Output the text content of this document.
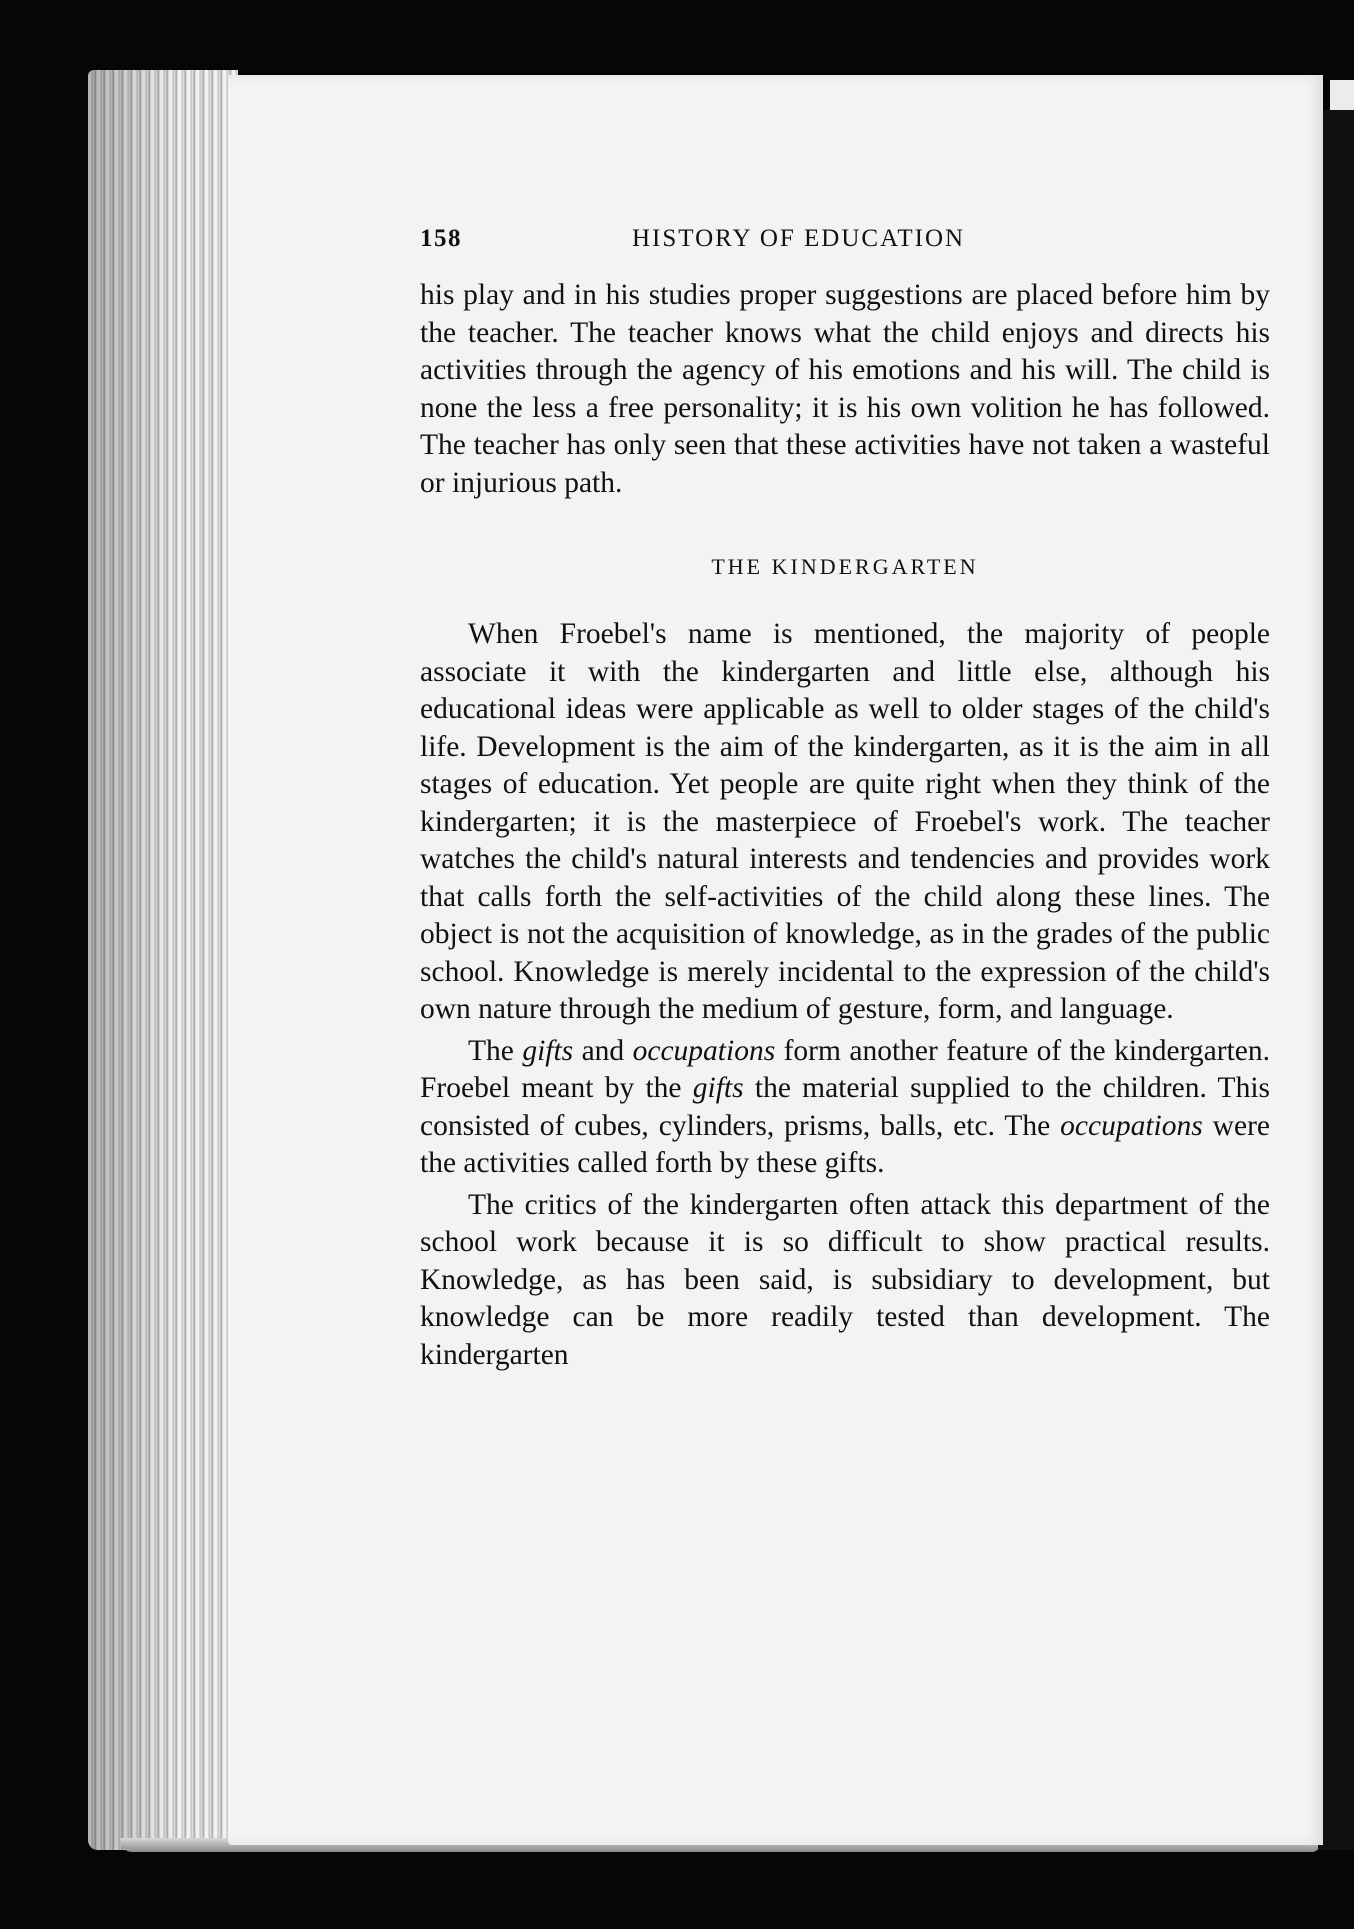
158	HISTORY OF EDUCATION

his play and in his studies proper suggestions are placed before him by the teacher. The teacher knows what the child enjoys and directs his activities through the agency of his emotions and his will. The child is none the less a free personality; it is his own volition he has followed. The teacher has only seen that these activities have not taken a wasteful or injurious path.

THE KINDERGARTEN

When Froebel's name is mentioned, the majority of people associate it with the kindergarten and little else, although his educational ideas were applicable as well to older stages of the child's life. Development is the aim of the kindergarten, as it is the aim in all stages of education. Yet people are quite right when they think of the kindergarten; it is the masterpiece of Froebel's work. The teacher watches the child's natural interests and tendencies and provides work that calls forth the self-activities of the child along these lines. The object is not the acquisition of knowledge, as in the grades of the public school. Knowledge is merely incidental to the expression of the child's own nature through the medium of gesture, form, and language.

The gifts and occupations form another feature of the kindergarten. Froebel meant by the gifts the material supplied to the children. This consisted of cubes, cylinders, prisms, balls, etc. The occupations were the activities called forth by these gifts.

The critics of the kindergarten often attack this department of the school work because it is so difficult to show practical results. Knowledge, as has been said, is subsidiary to development, but knowledge can be more readily tested than development. The kindergarten
